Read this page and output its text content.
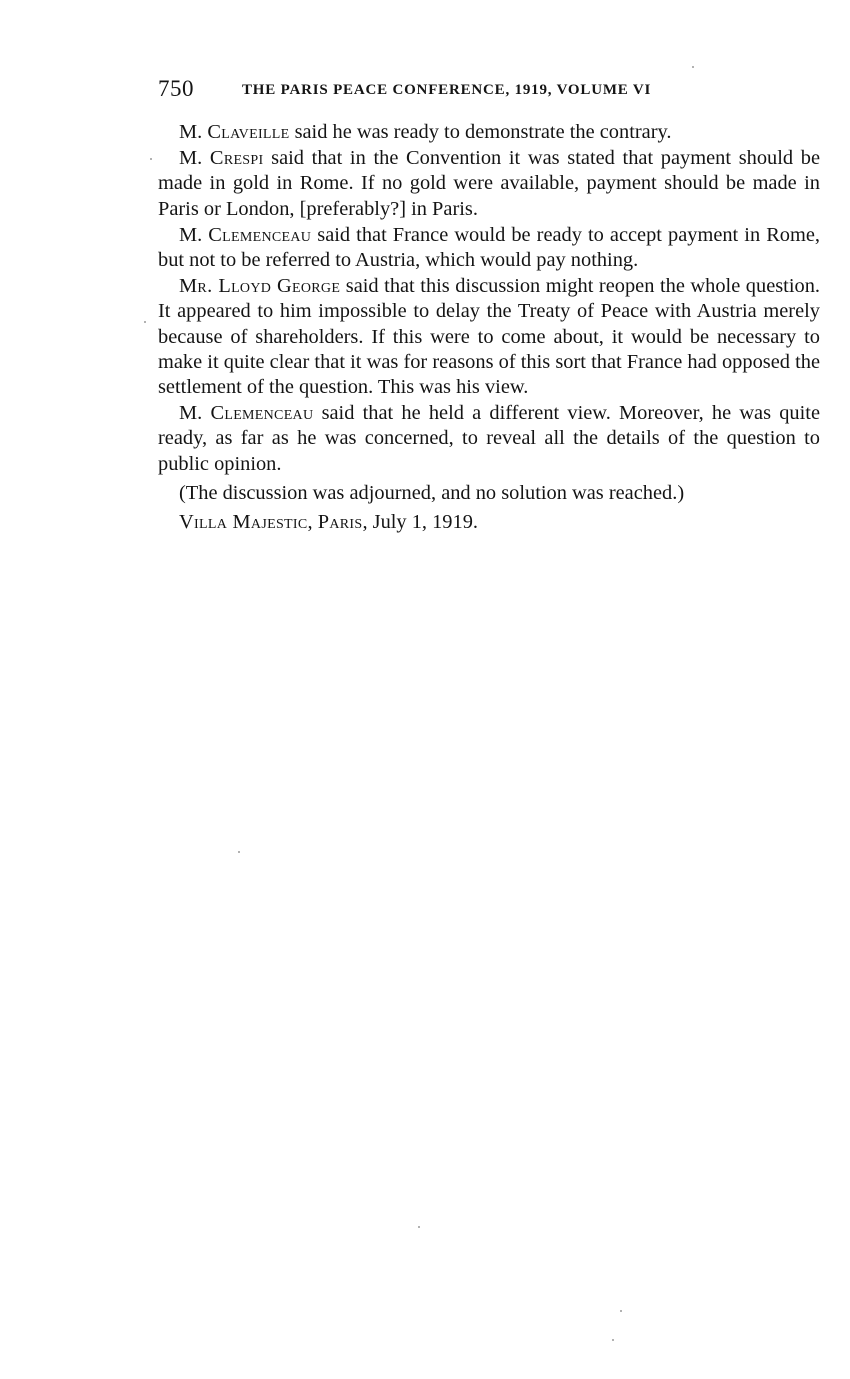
750	THE PARIS PEACE CONFERENCE, 1919, VOLUME VI

M. Claveille said he was ready to demonstrate the contrary.

M. Crespi said that in the Convention it was stated that payment should be made in gold in Rome. If no gold were available, payment should be made in Paris or London, [preferably?] in Paris.

M. Clemenceau said that France would be ready to accept payment in Rome, but not to be referred to Austria, which would pay nothing.

Mr. Lloyd George said that this discussion might reopen the whole question. It appeared to him impossible to delay the Treaty of Peace with Austria merely because of shareholders. If this were to come about, it would be necessary to make it quite clear that it was for reasons of this sort that France had opposed the settlement of the question. This was his view.

M. Clemenceau said that he held a different view. Moreover, he was quite ready, as far as he was concerned, to reveal all the details of the question to public opinion.

(The discussion was adjourned, and no solution was reached.)

Villa Majestic, Paris, July 1, 1919.
